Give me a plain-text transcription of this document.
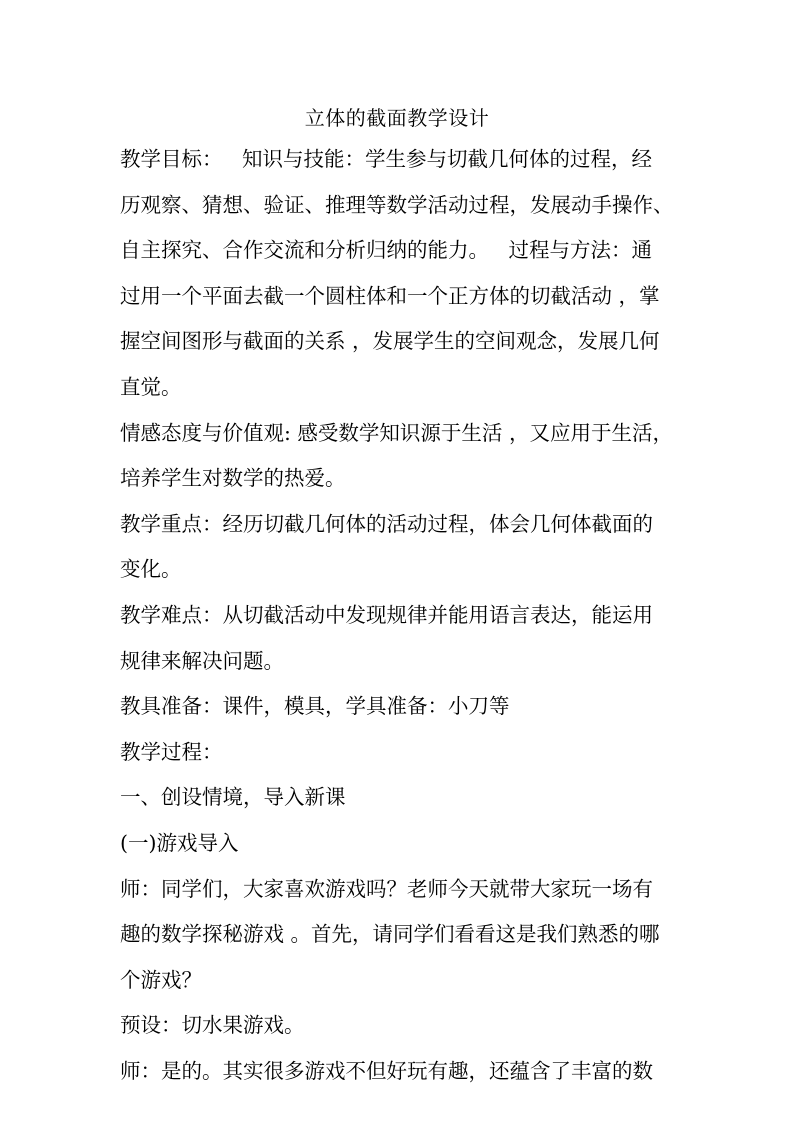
立体的截面教学设计
教学目标：   知识与技能：学生参与切截几何体的过程，经
历观察、猜想、验证、推理等数学活动过程，发展动手操作、
自主探究、合作交流和分析归纳的能力。   过程与方法：通
过用一个平面去截一个圆柱体和一个正方体的切截活动 ，掌
握空间图形与截面的关系 ，发展学生的空间观念，发展几何
直觉。
情感态度与价值观: 感受数学知识源于生活 ，又应用于生活，
培养学生对数学的热爱。
教学重点：经历切截几何体的活动过程，体会几何体截面的
变化。
教学难点：从切截活动中发现规律并能用语言表达，能运用
规律来解决问题。
教具准备：课件，模具，学具准备：小刀等
教学过程：
一、创设情境，导入新课
(一)游戏导入
师：同学们，大家喜欢游戏吗？老师今天就带大家玩一场有
趣的数学探秘游戏 。首先，请同学们看看这是我们熟悉的哪
个游戏？
预设：切水果游戏。
师：是的。其实很多游戏不但好玩有趣，还蕴含了丰富的数
